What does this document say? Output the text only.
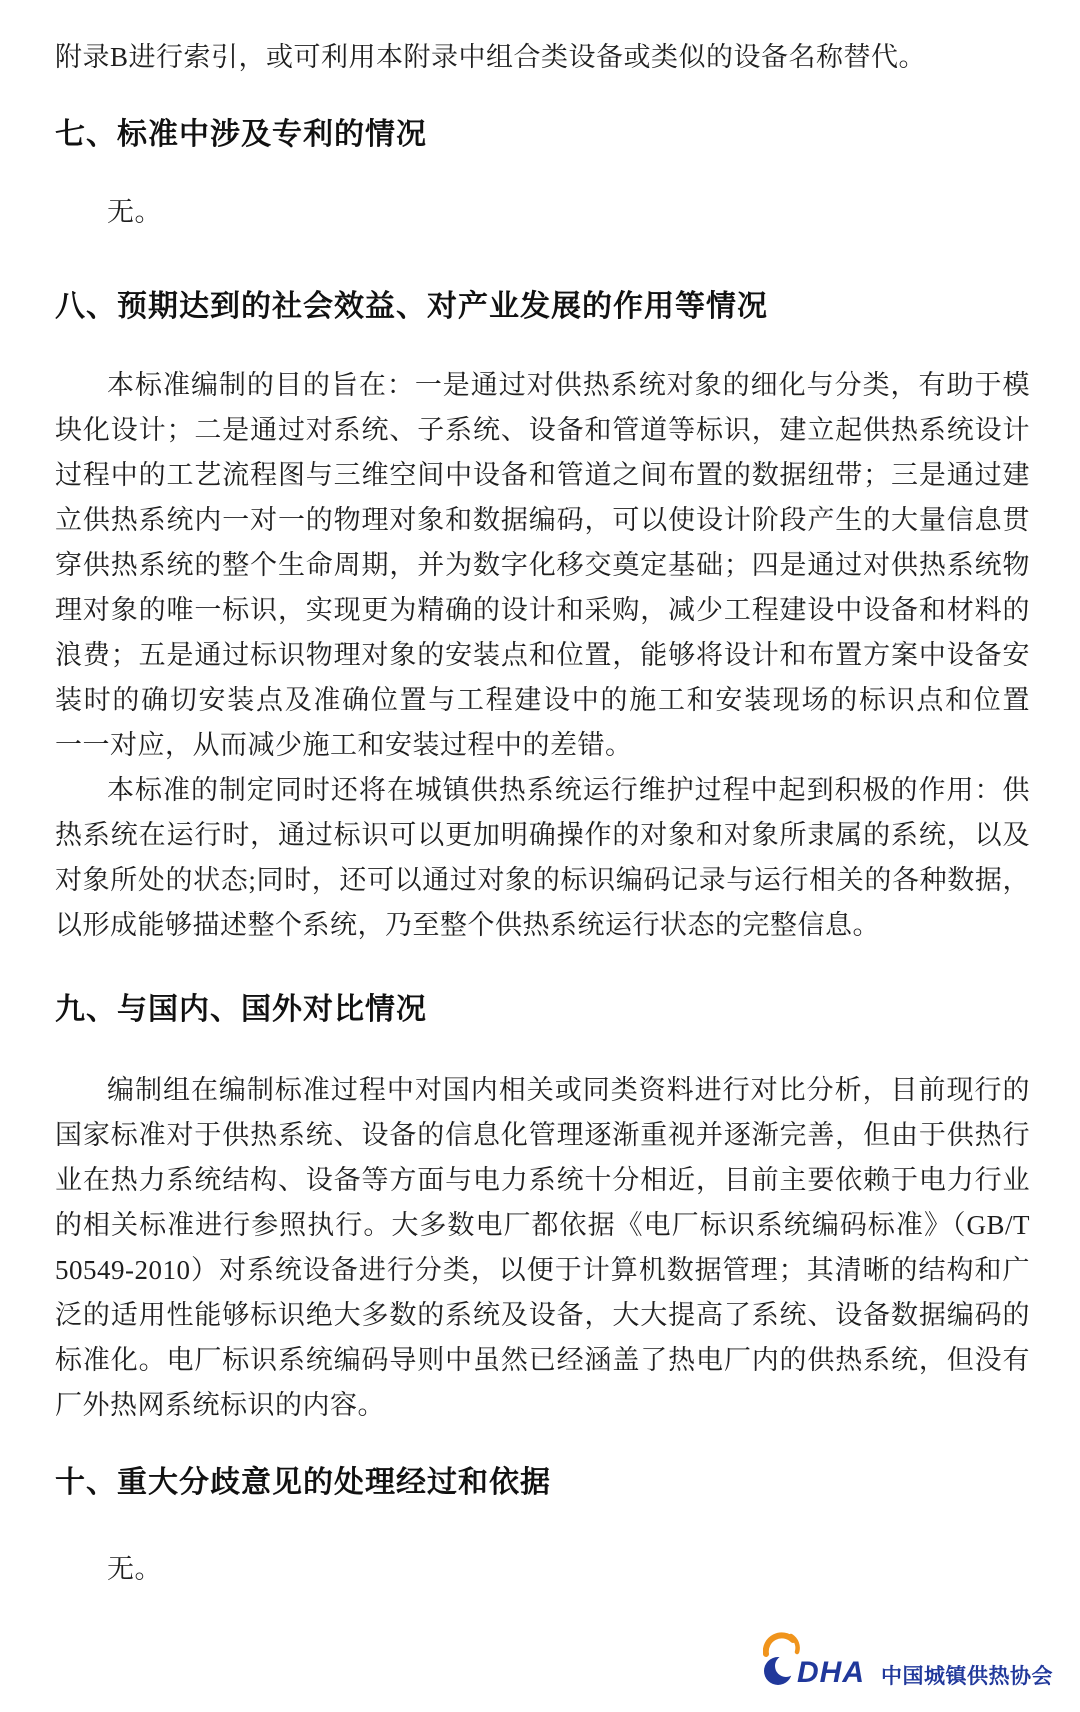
附录B进行索引，或可利用本附录中组合类设备或类似的设备名称替代。

七、标准中涉及专利的情况

无。

八、预期达到的社会效益、对产业发展的作用等情况

本标准编制的目的旨在：一是通过对供热系统对象的细化与分类，有助于模

块化设计；二是通过对系统、子系统、设备和管道等标识，建立起供热系统设计

过程中的工艺流程图与三维空间中设备和管道之间布置的数据纽带；三是通过建

立供热系统内一对一的物理对象和数据编码，可以使设计阶段产生的大量信息贯

穿供热系统的整个生命周期，并为数字化移交奠定基础；四是通过对供热系统物

理对象的唯一标识，实现更为精确的设计和采购，减少工程建设中设备和材料的

浪费；五是通过标识物理对象的安装点和位置，能够将设计和布置方案中设备安

装时的确切安装点及准确位置与工程建设中的施工和安装现场的标识点和位置

一一对应，从而减少施工和安装过程中的差错。

本标准的制定同时还将在城镇供热系统运行维护过程中起到积极的作用：供

热系统在运行时，通过标识可以更加明确操作的对象和对象所隶属的系统，以及

对象所处的状态;同时，还可以通过对象的标识编码记录与运行相关的各种数据，

以形成能够描述整个系统，乃至整个供热系统运行状态的完整信息。

九、与国内、国外对比情况

编制组在编制标准过程中对国内相关或同类资料进行对比分析，目前现行的

国家标准对于供热系统、设备的信息化管理逐渐重视并逐渐完善，但由于供热行

业在热力系统结构、设备等方面与电力系统十分相近，目前主要依赖于电力行业

的相关标准进行参照执行。大多数电厂都依据《电厂标识系统编码标准》（GB/T

50549-2010）对系统设备进行分类，以便于计算机数据管理；其清晰的结构和广

泛的适用性能够标识绝大多数的系统及设备，大大提高了系统、设备数据编码的

标准化。电厂标识系统编码导则中虽然已经涵盖了热电厂内的供热系统，但没有

厂外热网系统标识的内容。

十、重大分歧意见的处理经过和依据

无。

DHA 中国城镇供热协会
